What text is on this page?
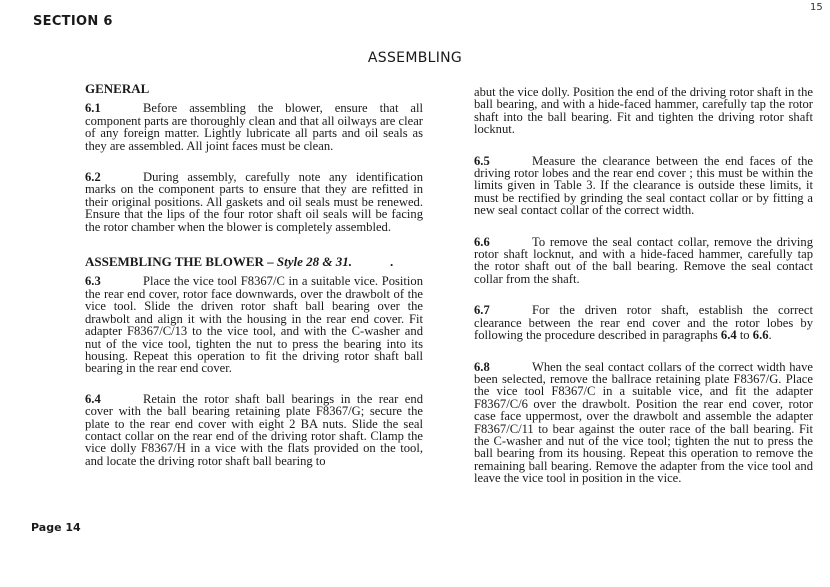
SECTION 6
15
ASSEMBLING
GENERAL

6.1	Before assembling the blower, ensure that all component parts are thoroughly clean and that all oilways are clear of any foreign matter. Lightly lubricate all parts and oil seals as they are assembled. All joint faces must be clean.

6.2	During assembly, carefully note any identification marks on the component parts to ensure that they are refitted in their original positions. All gaskets and oil seals must be renewed. Ensure that the lips of the four rotor shaft oil seals will be facing the rotor chamber when the blower is completely assembled.

ASSEMBLING THE BLOWER – Style 28 & 31.	.

6.3	Place the vice tool F8367/C in a suitable vice. Position the rear end cover, rotor face downwards, over the drawbolt of the vice tool. Slide the driven rotor shaft ball bearing over the drawbolt and align it with the housing in the rear end cover. Fit adapter F8367/C/13 to the vice tool, and with the C-washer and nut of the vice tool, tighten the nut to press the bearing into its housing. Repeat this operation to fit the driving rotor shaft ball bearing in the rear end cover.

6.4	Retain the rotor shaft ball bearings in the rear end cover with the ball bearing retaining plate F8367/G; secure the plate to the rear end cover with eight 2 BA nuts. Slide the seal contact collar on the rear end of the driving rotor shaft. Clamp the vice dolly F8367/H in a vice with the flats provided on the tool, and locate the driving rotor shaft ball bearing to

abut the vice dolly. Position the end of the driving rotor shaft in the ball bearing, and with a hide-faced hammer, carefully tap the rotor shaft into the ball bearing. Fit and tighten the driving rotor shaft locknut.

6.5	Measure the clearance between the end faces of the driving rotor lobes and the rear end cover ; this must be within the limits given in Table 3. If the clearance is outside these limits, it must be rectified by grinding the seal contact collar or by fitting a new seal contact collar of the correct width.

6.6	To remove the seal contact collar, remove the driving rotor shaft locknut, and with a hide-faced hammer, carefully tap the rotor shaft out of the ball bearing. Remove the seal contact collar from the shaft.

6.7	For the driven rotor shaft, establish the correct clearance between the rear end cover and the rotor lobes by following the procedure described in paragraphs 6.4 to 6.6.

6.8	When the seal contact collars of the correct width have been selected, remove the ballrace retaining plate F8367/G. Place the vice tool F8367/C in a suitable vice, and fit the adapter F8367/C/6 over the drawbolt. Position the rear end cover, rotor case face uppermost, over the drawbolt and assemble the adapter F8367/C/11 to bear against the outer race of the ball bearing. Fit the C-washer and nut of the vice tool; tighten the nut to press the ball bearing from its housing. Repeat this operation to remove the remaining ball bearing. Remove the adapter from the vice tool and leave the vice tool in position in the vice.

Page 14
